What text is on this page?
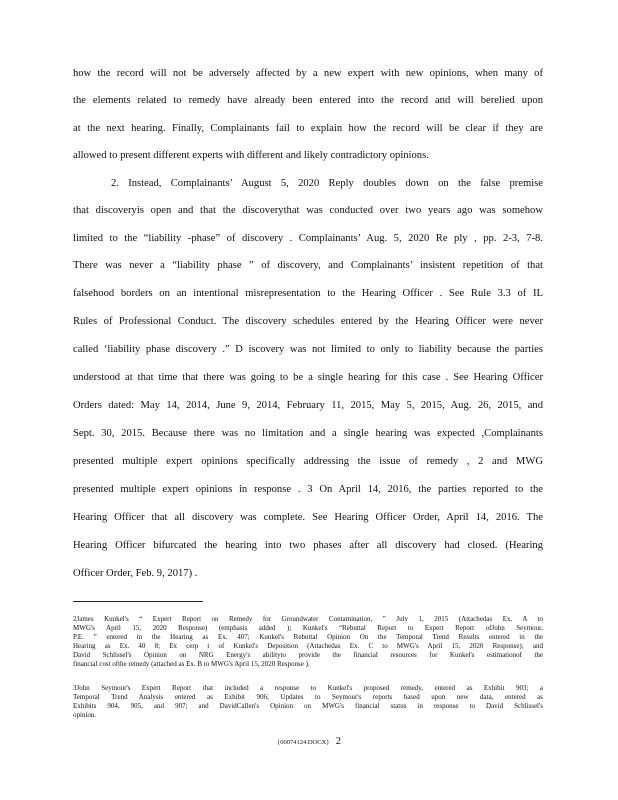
how the record will not be adversely affected by a new expert with new opinions, when many of
the elements related to remedy have already been entered into the record and will berelied upon
at the next hearing. Finally, Complainants fail to explain how the record will be clear if they are
allowed to present different experts with different and likely contradictory opinions.
2. Instead, Complainants’ August 5, 2020 Reply doubles down on the false premise
that discoveryis open and that the discoverythat was conducted over two years ago was somehow
limited to the “liability -phase” of discovery . Complainants’ Aug. 5, 2020 Re ply , pp. 2-3, 7-8.
There was never a “liability phase ” of discovery, and Complainants’ insistent repetition of that
falsehood borders on an intentional misrepresentation to the Hearing Officer . See Rule 3.3 of IL
Rules of Professional Conduct. The discovery schedules entered by the Hearing Officer were never
called ‘liability phase discovery .” D iscovery was not limited to only to liability because the parties
understood at that time that there was going to be a single hearing for this case . See Hearing Officer
Orders dated: May 14, 2014, June 9, 2014, February 11, 2015, May 5, 2015, Aug. 26, 2015, and
Sept. 30, 2015. Because there was no limitation and a single hearing was expected ,Complainants
presented multiple expert opinions specifically addressing the issue of remedy , 2 and MWG
presented multiple expert opinions in response . 3 On April 14, 2016, the parties reported to the
Hearing Officer that all discovery was complete. See Hearing Officer Order, April 14, 2016. The
Hearing Officer bifurcated the hearing into two phases after all discovery had closed. (Hearing
Officer Order, Feb. 9, 2017) .
2James Kunkel's “ Expert Report on Remedy for Groundwater Contamination, ” July 1, 2015 (Attachedas Ex. A to
MWG's April 15, 2020 Response) (emphasis added ); Kunkel's “Rebuttal Report to Expert Report ofJohn Seymour,
P.E. ” entered in the Hearing as Ex. 407; Kunkel's Rebuttal Opinion On the Temporal Trend Results entered in the
Hearing as Ex. 40 8; Ex cerp t of Kunkel's Deposition (Attachedas Ex. C to MWG's April 15, 2020 Response); and
David Schlissel's Opinion on NRG Energy's abilityto provide the financial resources for Kunkel's estimationof the
financial cost ofthe remedy (attached as Ex. B to MWG's April 15, 2020 Response ).
3John Seymour's Expert Report that included a response to Kunkel's proposed remedy, entered as Exhibit 903; a
Temporal Trend Analysis entered as Exhibit 906; Updates to Seymour's reports based upon new data, entered as
Exhibits 904, 905, and 907; and DavidCallen's Opinion on MWG's financial status in response to David Schlissel's
opinion.
{00074124.DOCX} 2
